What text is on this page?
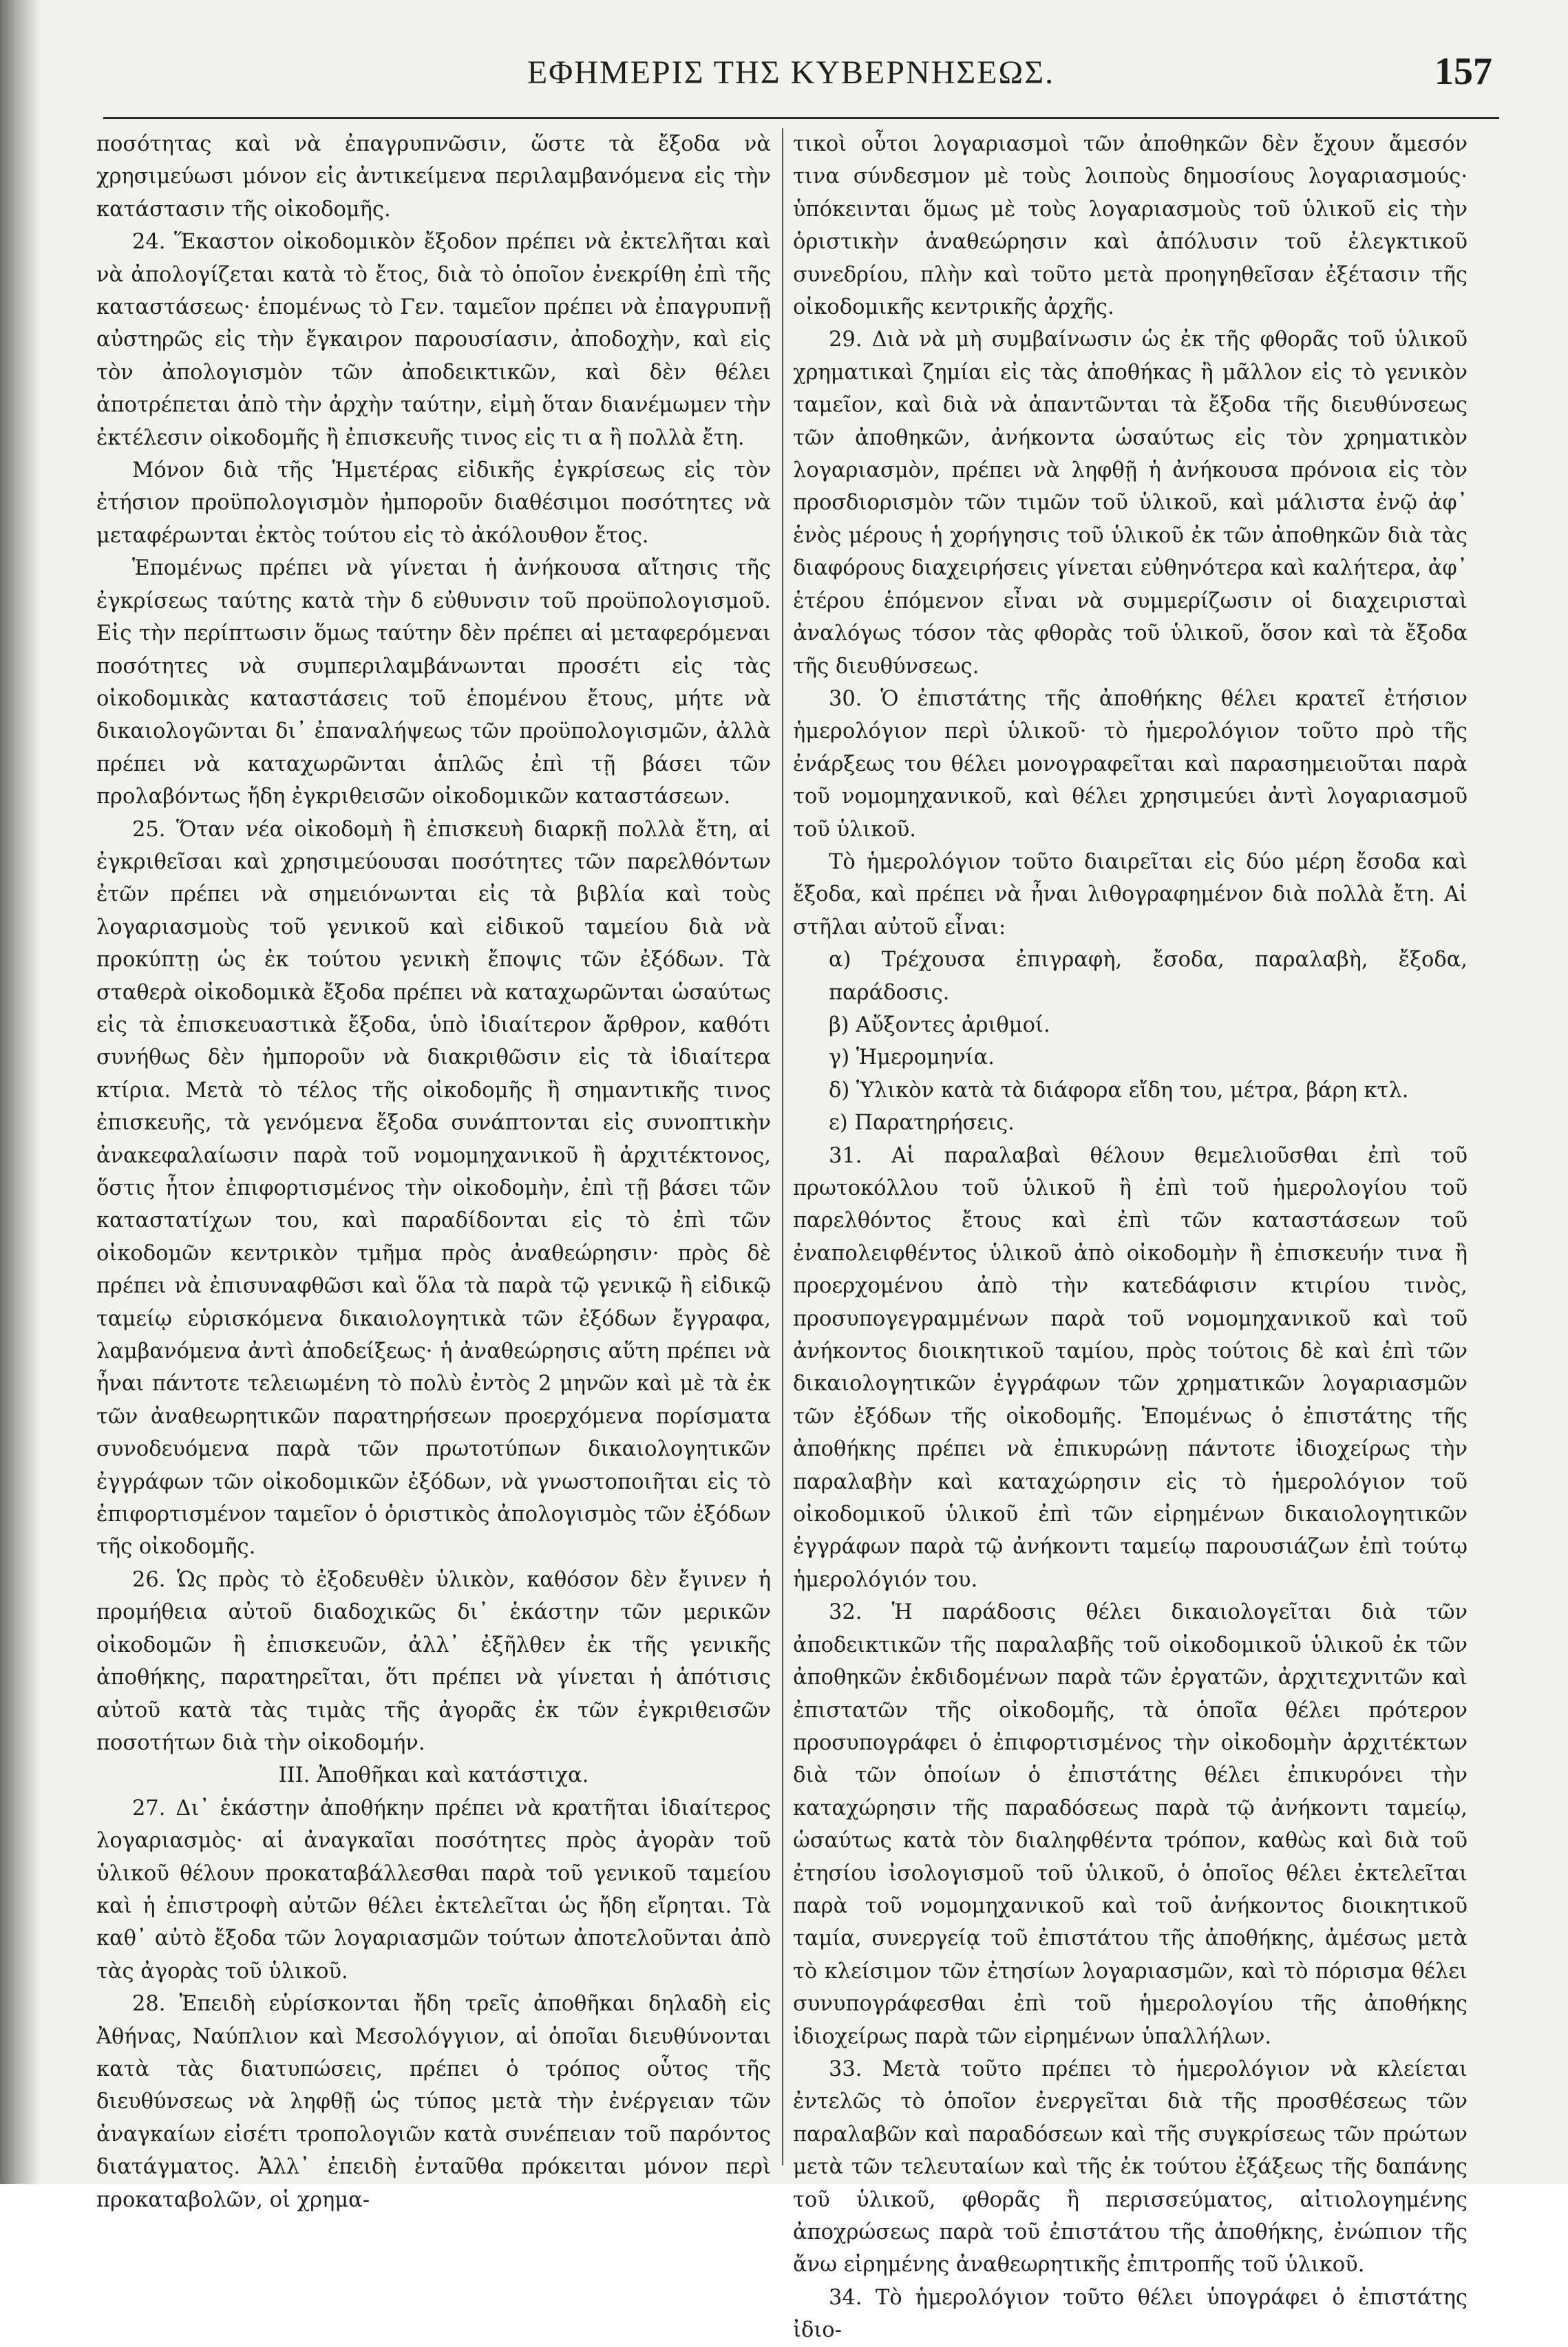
ΕΦΗΜΕΡΙΣ ΤΗΣ ΚΥΒΕΡΝΗΣΕΩΣ.	157

ποσότητας καὶ νὰ ἐπαγρυπνῶσιν, ὥστε τὰ ἔξοδα νὰ χρησιμεύωσι μόνον εἰς ἀντικείμενα περιλαμβανόμενα εἰς τὴν κατάστασιν τῆς οἰκοδομῆς.

24. Ἕκαστον οἰκοδομικὸν ἔξοδον πρέπει νὰ ἐκτελῆται καὶ νὰ ἀπολογίζεται κατὰ τὸ ἔτος, διὰ τὸ ὁποῖον ἐνεκρίθη ἐπὶ τῆς καταστάσεως· ἑπομένως τὸ Γεν. ταμεῖον πρέπει νὰ ἐπαγρυπνῇ αὐστηρῶς εἰς τὴν ἔγκαιρον παρουσίασιν, ἀποδοχὴν, καὶ εἰς τὸν ἀπολογισμὸν τῶν ἀποδεικτικῶν, καὶ δὲν θέλει ἀποτρέπεται ἀπὸ τὴν ἀρχὴν ταύτην, εἰμὴ ὅταν διανέμωμεν τὴν ἐκτέλεσιν οἰκοδομῆς ἢ ἐπισκευῆς τινος εἰς τι α ἢ πολλὰ ἔτη.

Μόνον διὰ τῆς Ἡμετέρας εἰδικῆς ἐγκρίσεως εἰς τὸν ἐτήσιον προϋπολογισμὸν ἠμποροῦν διαθέσιμοι ποσότητες νὰ μεταφέρωνται ἐκτὸς τούτου εἰς τὸ ἀκόλουθον ἔτος.

Ἑπομένως πρέπει νὰ γίνεται ἡ ἀνήκουσα αἴτησις τῆς ἐγκρίσεως ταύτης κατὰ τὴν δ εὐθυνσιν τοῦ προϋπολογισμοῦ. Εἰς τὴν περίπτωσιν ὅμως ταύτην δὲν πρέπει αἱ μεταφερόμεναι ποσότητες νὰ συμπεριλαμβάνωνται προσέτι εἰς τὰς οἰκοδομικὰς καταστάσεις τοῦ ἑπομένου ἔτους, μήτε νὰ δικαιολογῶνται δι᾽ ἐπαναλήψεως τῶν προϋπολογισμῶν, ἀλλὰ πρέπει νὰ καταχωρῶνται ἁπλῶς ἐπὶ τῇ βάσει τῶν προλαβόντως ἤδη ἐγκριθεισῶν οἰκοδομικῶν καταστάσεων.

25. Ὅταν νέα οἰκοδομὴ ἢ ἐπισκευὴ διαρκῇ πολλὰ ἔτη, αἱ ἐγκριθεῖσαι καὶ χρησιμεύουσαι ποσότητες τῶν παρελθόντων ἐτῶν πρέπει νὰ σημειόνωνται εἰς τὰ βιβλία καὶ τοὺς λογαριασμοὺς τοῦ γενικοῦ καὶ εἰδικοῦ ταμείου διὰ νὰ προκύπτῃ ὡς ἐκ τούτου γενικὴ ἔποψις τῶν ἐξόδων. Τὰ σταθερὰ οἰκοδομικὰ ἔξοδα πρέπει νὰ καταχωρῶνται ὡσαύτως εἰς τὰ ἐπισκευαστικὰ ἔξοδα, ὑπὸ ἰδιαίτερον ἄρθρον, καθότι συνήθως δὲν ἠμποροῦν νὰ διακριθῶσιν εἰς τὰ ἰδιαίτερα κτίρια. Μετὰ τὸ τέλος τῆς οἰκοδομῆς ἢ σημαντικῆς τινος ἐπισκευῆς, τὰ γενόμενα ἔξοδα συνάπτονται εἰς συνοπτικὴν ἀνακεφαλαίωσιν παρὰ τοῦ νομομηχανικοῦ ἢ ἀρχιτέκτονος, ὅστις ἦτον ἐπιφορτισμένος τὴν οἰκοδομὴν, ἐπὶ τῇ βάσει τῶν καταστατίχων του, καὶ παραδίδονται εἰς τὸ ἐπὶ τῶν οἰκοδομῶν κεντρικὸν τμῆμα πρὸς ἀναθεώρησιν· πρὸς δὲ πρέπει νὰ ἐπισυναφθῶσι καὶ ὅλα τὰ παρὰ τῷ γενικῷ ἢ εἰδικῷ ταμείῳ εὑρισκόμενα δικαιολογητικὰ τῶν ἐξόδων ἔγγραφα, λαμβανόμενα ἀντὶ ἀποδείξεως· ἡ ἀναθεώρησις αὕτη πρέπει νὰ ἦναι πάντοτε τελειωμένη τὸ πολὺ ἐντὸς 2 μηνῶν καὶ μὲ τὰ ἐκ τῶν ἀναθεωρητικῶν παρατηρήσεων προερχόμενα πορίσματα συνοδευόμενα παρὰ τῶν πρωτοτύπων δικαιολογητικῶν ἐγγράφων τῶν οἰκοδομικῶν ἐξόδων, νὰ γνωστοποιῆται εἰς τὸ ἐπιφορτισμένον ταμεῖον ὁ ὁριστικὸς ἀπολογισμὸς τῶν ἐξόδων τῆς οἰκοδομῆς.

26. Ὡς πρὸς τὸ ἐξοδευθὲν ὑλικὸν, καθόσον δὲν ἔγινεν ἡ προμήθεια αὐτοῦ διαδοχικῶς δι᾽ ἑκάστην τῶν μερικῶν οἰκοδομῶν ἢ ἐπισκευῶν, ἀλλ᾽ ἐξῆλθεν ἐκ τῆς γενικῆς ἀποθήκης, παρατηρεῖται, ὅτι πρέπει νὰ γίνεται ἡ ἀπότισις αὐτοῦ κατὰ τὰς τιμὰς τῆς ἀγορᾶς ἐκ τῶν ἐγκριθεισῶν ποσοτήτων διὰ τὴν οἰκοδομήν.

ΙΙΙ. Ἀποθῆκαι καὶ κατάστιχα.

27. Δι᾽ ἑκάστην ἀποθήκην πρέπει νὰ κρατῆται ἰδιαίτερος λογαριασμὸς· αἱ ἀναγκαῖαι ποσότητες πρὸς ἀγορὰν τοῦ ὑλικοῦ θέλουν προκαταβάλλεσθαι παρὰ τοῦ γενικοῦ ταμείου καὶ ἡ ἐπιστροφὴ αὐτῶν θέλει ἐκτελεῖται ὡς ἤδη εἴρηται. Τὰ καθ᾽ αὐτὸ ἔξοδα τῶν λογαριασμῶν τούτων ἀποτελοῦνται ἀπὸ τὰς ἀγορὰς τοῦ ὑλικοῦ.

28. Ἐπειδὴ εὑρίσκονται ἤδη τρεῖς ἀποθῆκαι δηλαδὴ εἰς Ἀθήνας, Ναύπλιον καὶ Μεσολόγγιον, αἱ ὁποῖαι διευθύνονται κατὰ τὰς διατυπώσεις, πρέπει ὁ τρόπος οὗτος τῆς διευθύνσεως νὰ ληφθῇ ὡς τύπος μετὰ τὴν ἐνέργειαν τῶν ἀναγκαίων εἰσέτι τροπολογιῶν κατὰ συνέπειαν τοῦ παρόντος διατάγματος. Ἀλλ᾽ ἐπειδὴ ἐνταῦθα πρόκειται μόνον περὶ προκαταβολῶν, οἱ χρημα-

τικοὶ οὗτοι λογαριασμοὶ τῶν ἀποθηκῶν δὲν ἔχουν ἄμεσόν τινα σύνδεσμον μὲ τοὺς λοιποὺς δημοσίους λογαριασμούς· ὑπόκεινται ὅμως μὲ τοὺς λογαριασμοὺς τοῦ ὑλικοῦ εἰς τὴν ὁριστικὴν ἀναθεώρησιν καὶ ἀπόλυσιν τοῦ ἐλεγκτικοῦ συνεδρίου, πλὴν καὶ τοῦτο μετὰ προηγηθεῖσαν ἐξέτασιν τῆς οἰκοδομικῆς κεντρικῆς ἀρχῆς.

29. Διὰ νὰ μὴ συμβαίνωσιν ὡς ἐκ τῆς φθορᾶς τοῦ ὑλικοῦ χρηματικαὶ ζημίαι εἰς τὰς ἀποθήκας ἢ μᾶλλον εἰς τὸ γενικὸν ταμεῖον, καὶ διὰ νὰ ἀπαντῶνται τὰ ἔξοδα τῆς διευθύνσεως τῶν ἀποθηκῶν, ἀνήκοντα ὡσαύτως εἰς τὸν χρηματικὸν λογαριασμὸν, πρέπει νὰ ληφθῇ ἡ ἀνήκουσα πρόνοια εἰς τὸν προσδιορισμὸν τῶν τιμῶν τοῦ ὑλικοῦ, καὶ μάλιστα ἐνῷ ἀφ᾽ ἑνὸς μέρους ἡ χορήγησις τοῦ ὑλικοῦ ἐκ τῶν ἀποθηκῶν διὰ τὰς διαφόρους διαχειρήσεις γίνεται εὐθηνότερα καὶ καλήτερα, ἀφ᾽ ἑτέρου ἑπόμενον εἶναι νὰ συμμερίζωσιν οἱ διαχειρισταὶ ἀναλόγως τόσον τὰς φθορὰς τοῦ ὑλικοῦ, ὅσον καὶ τὰ ἔξοδα τῆς διευθύνσεως.

30. Ὁ ἐπιστάτης τῆς ἀποθήκης θέλει κρατεῖ ἐτήσιον ἡμερολόγιον περὶ ὑλικοῦ· τὸ ἡμερολόγιον τοῦτο πρὸ τῆς ἐνάρξεως του θέλει μονογραφεῖται καὶ παρασημειοῦται παρὰ τοῦ νομομηχανικοῦ, καὶ θέλει χρησιμεύει ἀντὶ λογαριασμοῦ τοῦ ὑλικοῦ.

Τὸ ἡμερολόγιον τοῦτο διαιρεῖται εἰς δύο μέρη ἔσοδα καὶ ἔξοδα, καὶ πρέπει νὰ ἦναι λιθογραφημένον διὰ πολλὰ ἔτη. Αἱ στῆλαι αὐτοῦ εἶναι:

α) Τρέχουσα ἐπιγραφὴ, ἔσοδα, παραλαβὴ, ἔξοδα, παράδοσις.

β) Αὔξοντες ἀριθμοί.

γ) Ἡμερομηνία.

δ) Ὑλικὸν κατὰ τὰ διάφορα εἴδη του, μέτρα, βάρη κτλ.

ε) Παρατηρήσεις.

31. Αἱ παραλαβαὶ θέλουν θεμελιοῦσθαι ἐπὶ τοῦ πρωτοκόλλου τοῦ ὑλικοῦ ἢ ἐπὶ τοῦ ἡμερολογίου τοῦ παρελθόντος ἔτους καὶ ἐπὶ τῶν καταστάσεων τοῦ ἐναπολειφθέντος ὑλικοῦ ἀπὸ οἰκοδομὴν ἢ ἐπισκευήν τινα ἢ προερχομένου ἀπὸ τὴν κατεδάφισιν κτιρίου τινὸς, προσυπογεγραμμένων παρὰ τοῦ νομομηχανικοῦ καὶ τοῦ ἀνήκοντος διοικητικοῦ ταμίου, πρὸς τούτοις δὲ καὶ ἐπὶ τῶν δικαιολογητικῶν ἐγγράφων τῶν χρηματικῶν λογαριασμῶν τῶν ἐξόδων τῆς οἰκοδομῆς. Ἑπομένως ὁ ἐπιστάτης τῆς ἀποθήκης πρέπει νὰ ἐπικυρώνῃ πάντοτε ἰδιοχείρως τὴν παραλαβὴν καὶ καταχώρησιν εἰς τὸ ἡμερολόγιον τοῦ οἰκοδομικοῦ ὑλικοῦ ἐπὶ τῶν εἰρημένων δικαιολογητικῶν ἐγγράφων παρὰ τῷ ἀνήκοντι ταμείῳ παρουσιάζων ἐπὶ τούτῳ ἡμερολόγιόν του.

32. Ἡ παράδοσις θέλει δικαιολογεῖται διὰ τῶν ἀποδεικτικῶν τῆς παραλαβῆς τοῦ οἰκοδομικοῦ ὑλικοῦ ἐκ τῶν ἀποθηκῶν ἐκδιδομένων παρὰ τῶν ἐργατῶν, ἀρχιτεχνιτῶν καὶ ἐπιστατῶν τῆς οἰκοδομῆς, τὰ ὁποῖα θέλει πρότερον προσυπογράφει ὁ ἐπιφορτισμένος τὴν οἰκοδομὴν ἀρχιτέκτων διὰ τῶν ὁποίων ὁ ἐπιστάτης θέλει ἐπικυρόνει τὴν καταχώρησιν τῆς παραδόσεως παρὰ τῷ ἀνήκοντι ταμείῳ, ὡσαύτως κατὰ τὸν διαληφθέντα τρόπον, καθὼς καὶ διὰ τοῦ ἐτησίου ἰσολογισμοῦ τοῦ ὑλικοῦ, ὁ ὁποῖος θέλει ἐκτελεῖται παρὰ τοῦ νομομηχανικοῦ καὶ τοῦ ἀνήκοντος διοικητικοῦ ταμία, συνεργείᾳ τοῦ ἐπιστάτου τῆς ἀποθήκης, ἀμέσως μετὰ τὸ κλείσιμον τῶν ἐτησίων λογαριασμῶν, καὶ τὸ πόρισμα θέλει συνυπογράφεσθαι ἐπὶ τοῦ ἡμερολογίου τῆς ἀποθήκης ἰδιοχείρως παρὰ τῶν εἰρημένων ὑπαλλήλων.

33. Μετὰ τοῦτο πρέπει τὸ ἡμερολόγιον νὰ κλείεται ἐντελῶς τὸ ὁποῖον ἐνεργεῖται διὰ τῆς προσθέσεως τῶν παραλαβῶν καὶ παραδόσεων καὶ τῆς συγκρίσεως τῶν πρώτων μετὰ τῶν τελευταίων καὶ τῆς ἐκ τούτου ἐξάξεως τῆς δαπάνης τοῦ ὑλικοῦ, φθορᾶς ἢ περισσεύματος, αἰτιολογημένης ἀποχρώσεως παρὰ τοῦ ἐπιστάτου τῆς ἀποθήκης, ἐνώπιον τῆς ἄνω εἰρημένης ἀναθεωρητικῆς ἐπιτροπῆς τοῦ ὑλικοῦ.

34. Τὸ ἡμερολόγιον τοῦτο θέλει ὑπογράφει ὁ ἐπιστάτης ἰδιο-
